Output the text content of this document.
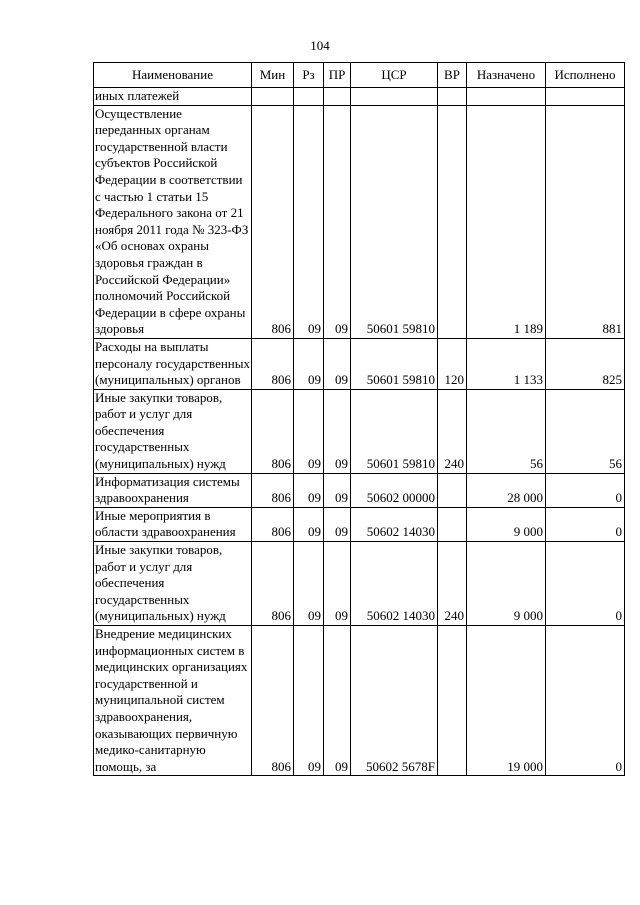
104
Наименование	Мин	Рз	ПР	ЦСР	ВР	Назначено	Исполнено
иных платежей							
Осуществление переданных органам государственной власти субъектов Российской Федерации в соответствии с частью 1 статьи 15 Федерального закона от 21 ноября 2011 года № 323-ФЗ «Об основах охраны здоровья граждан в Российской Федерации» полномочий Российской Федерации в сфере охраны здоровья	806	09	09	50601 59810		1 189	881
Расходы на выплаты персоналу государственных (муниципальных) органов	806	09	09	50601 59810	120	1 133	825
Иные закупки товаров, работ и услуг для обеспечения государственных (муниципальных) нужд	806	09	09	50601 59810	240	56	56
Информатизация системы здравоохранения	806	09	09	50602 00000		28 000	0
Иные мероприятия в области здравоохранения	806	09	09	50602 14030		9 000	0
Иные закупки товаров, работ и услуг для обеспечения государственных (муниципальных) нужд	806	09	09	50602 14030	240	9 000	0
Внедрение медицинских информационных систем в медицинских организациях государственной и муниципальной систем здравоохранения, оказывающих первичную медико-санитарную помощь, за	806	09	09	50602 5678F		19 000	0
